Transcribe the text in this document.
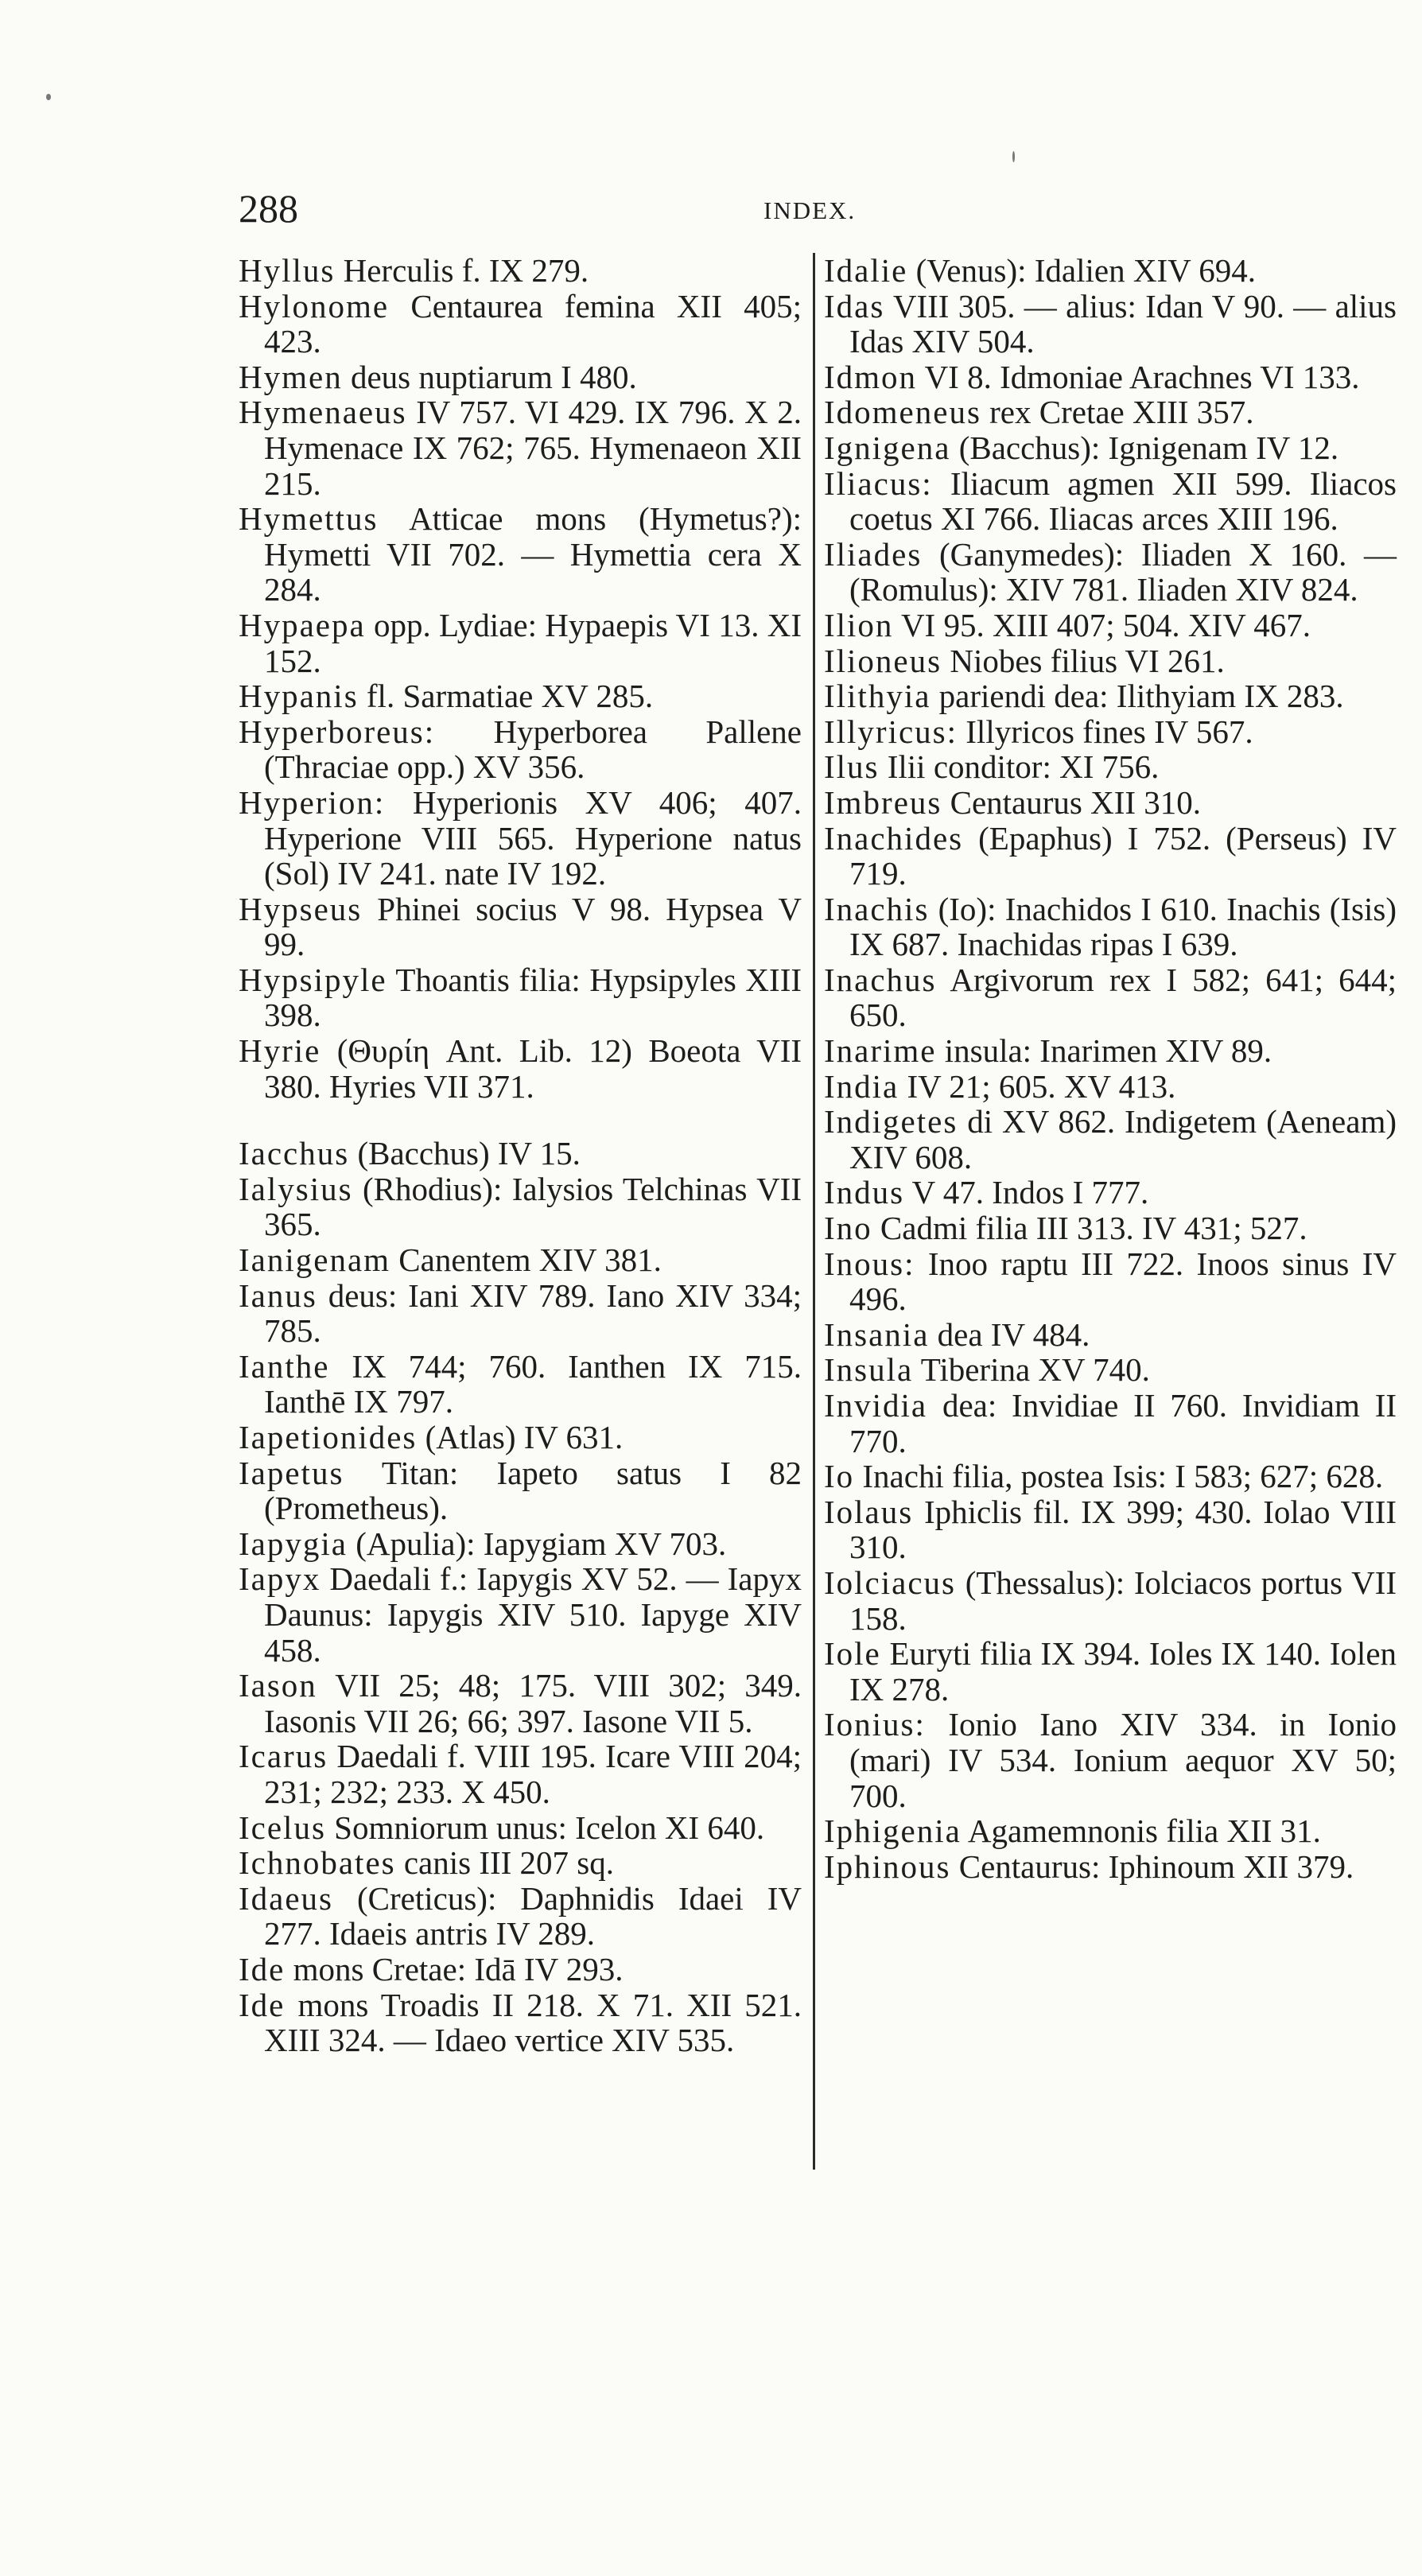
288	INDEX.

Hyllus Herculis f. IX 279.

Hylonome Centaurea femina XII 405; 423.

Hymen deus nuptiarum I 480.

Hymenaeus IV 757. VI 429. IX 796. X 2. Hymenace IX 762; 765. Hymenaeon XII 215.

Hymettus Atticae mons (Hymetus?): Hymetti VII 702. — Hymettia cera X 284.

Hypaepa opp. Lydiae: Hypaepis VI 13. XI 152.

Hypanis fl. Sarmatiae XV 285.

Hyperboreus: Hyperborea Pallene (Thraciae opp.) XV 356.

Hyperion: Hyperionis XV 406; 407. Hyperione VIII 565. Hyperione natus (Sol) IV 241. nate IV 192.

Hypseus Phinei socius V 98. Hypsea V 99.

Hypsipyle Thoantis filia: Hypsipyles XIII 398.

Hyrie (Θυρίη Ant. Lib. 12) Boeota VII 380. Hyries VII 371.

Iacchus (Bacchus) IV 15.

Ialysius (Rhodius): Ialysios Telchinas VII 365.

Ianigenam Canentem XIV 381.

Ianus deus: Iani XIV 789. Iano XIV 334; 785.

Ianthe IX 744; 760. Ianthen IX 715. Ianthē IX 797.

Iapetionides (Atlas) IV 631.

Iapetus Titan: Iapeto satus I 82 (Prometheus).

Iapygia (Apulia): Iapygiam XV 703.

Iapyx Daedali f.: Iapygis XV 52. — Iapyx Daunus: Iapygis XIV 510. Iapyge XIV 458.

Iason VII 25; 48; 175. VIII 302; 349. Iasonis VII 26; 66; 397. Iasone VII 5.

Icarus Daedali f. VIII 195. Icare VIII 204; 231; 232; 233. X 450.

Icelus Somniorum unus: Icelon XI 640.

Ichnobates canis III 207 sq.

Idaeus (Creticus): Daphnidis Idaei IV 277. Idaeis antris IV 289.

Ide mons Cretae: Idā IV 293.

Ide mons Troadis II 218. X 71. XII 521. XIII 324. — Idaeo vertice XIV 535.

Idalie (Venus): Idalien XIV 694.

Idas VIII 305. — alius: Idan V 90. — alius Idas XIV 504.

Idmon VI 8. Idmoniae Arachnes VI 133.

Idomeneus rex Cretae XIII 357.

Ignigena (Bacchus): Ignigenam IV 12.

Iliacus: Iliacum agmen XII 599. Iliacos coetus XI 766. Iliacas arces XIII 196.

Iliades (Ganymedes): Iliaden X 160. — (Romulus): XIV 781. Iliaden XIV 824.

Ilion VI 95. XIII 407; 504. XIV 467.

Ilioneus Niobes filius VI 261.

Ilithyia pariendi dea: Ilithyiam IX 283.

Illyricus: Illyricos fines IV 567.

Ilus Ilii conditor: XI 756.

Imbreus Centaurus XII 310.

Inachides (Epaphus) I 752. (Perseus) IV 719.

Inachis (Io): Inachidos I 610. Inachis (Isis) IX 687. Inachidas ripas I 639.

Inachus Argivorum rex I 582; 641; 644; 650.

Inarime insula: Inarimen XIV 89.

India IV 21; 605. XV 413.

Indigetes di XV 862. Indigetem (Aeneam) XIV 608.

Indus V 47. Indos I 777.

Ino Cadmi filia III 313. IV 431; 527.

Inous: Inoo raptu III 722. Inoos sinus IV 496.

Insania dea IV 484.

Insula Tiberina XV 740.

Invidia dea: Invidiae II 760. Invidiam II 770.

Io Inachi filia, postea Isis: I 583; 627; 628.

Iolaus Iphiclis fil. IX 399; 430. Iolao VIII 310.

Iolciacus (Thessalus): Iolciacos portus VII 158.

Iole Euryti filia IX 394. Ioles IX 140. Iolen IX 278.

Ionius: Ionio Iano XIV 334. in Ionio (mari) IV 534. Ionium aequor XV 50; 700.

Iphigenia Agamemnonis filia XII 31.

Iphinous Centaurus: Iphinoum XII 379.
